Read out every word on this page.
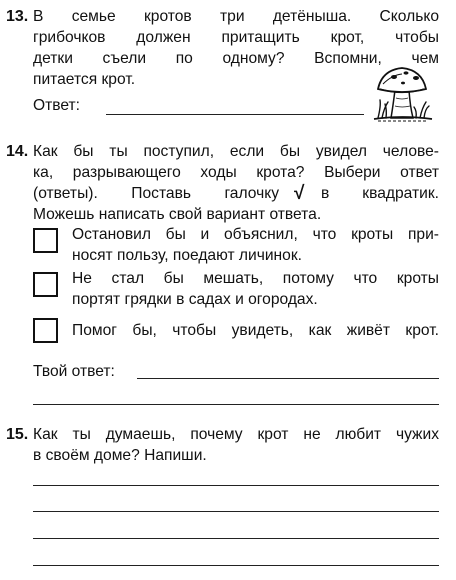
13. В семье кротов три детёныша. Сколько
грибочков должен притащить крот, чтобы
детки съели по одному? Вспомни, чем
питается крот.
Ответ:
14. Как бы ты поступил, если бы увидел челове-
ка, разрывающего ходы крота? Выбери ответ
(ответы). Поставь галочку √ в квадратик.
Можешь написать свой вариант ответа.
Остановил бы и объяснил, что кроты при-
носят пользу, поедают личинок.
Не стал бы мешать, потому что кроты
портят грядки в садах и огородах.
Помог бы, чтобы увидеть, как живёт крот.
Твой ответ:
15. Как ты думаешь, почему крот не любит чужих
в своём доме? Напиши.
